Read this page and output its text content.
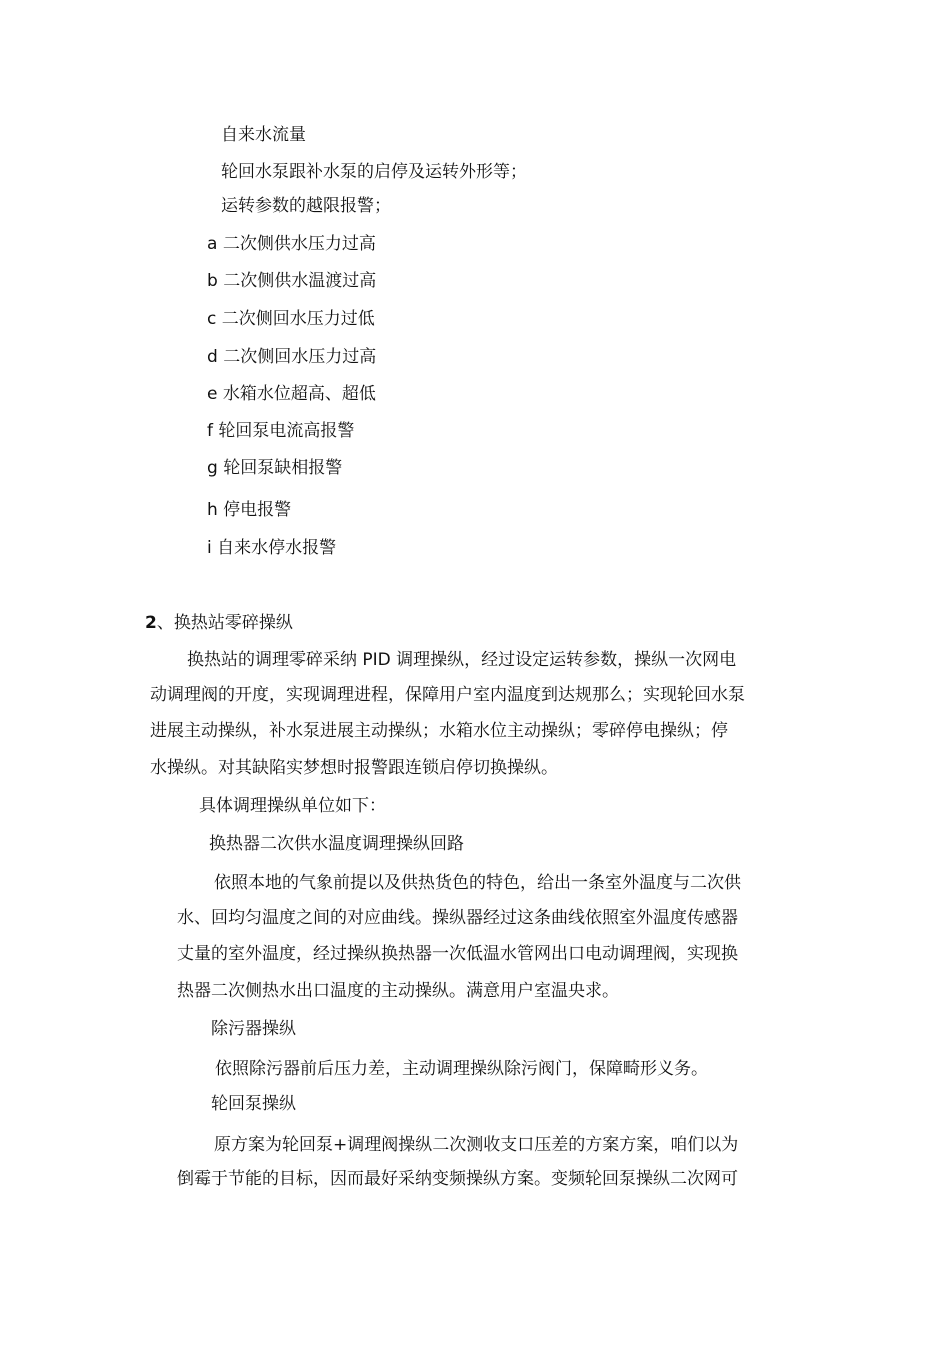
自来水流量
轮回水泵跟补水泵的启停及运转外形等；
运转参数的越限报警；
a 二次侧供水压力过高
b 二次侧供水温渡过高
c 二次侧回水压力过低
d 二次侧回水压力过高
e 水箱水位超高、超低
f 轮回泵电流高报警
g 轮回泵缺相报警
h 停电报警
i 自来水停水报警
2、换热站零碎操纵
换热站的调理零碎采纳 PID 调理操纵，经过设定运转参数，操纵一次网电
动调理阀的开度，实现调理进程，保障用户室内温度到达规那么；实现轮回水泵
进展主动操纵，补水泵进展主动操纵；水箱水位主动操纵；零碎停电操纵；停
水操纵。对其缺陷实梦想时报警跟连锁启停切换操纵。
具体调理操纵单位如下：
换热器二次供水温度调理操纵回路
依照本地的气象前提以及供热货色的特色，给出一条室外温度与二次供
水、回均匀温度之间的对应曲线。操纵器经过这条曲线依照室外温度传感器
丈量的室外温度，经过操纵换热器一次低温水管网出口电动调理阀，实现换
热器二次侧热水出口温度的主动操纵。满意用户室温央求。
除污器操纵
依照除污器前后压力差，主动调理操纵除污阀门，保障畸形义务。
轮回泵操纵
原方案为轮回泵+调理阀操纵二次测收支口压差的方案方案，咱们以为
倒霉于节能的目标，因而最好采纳变频操纵方案。变频轮回泵操纵二次网可
